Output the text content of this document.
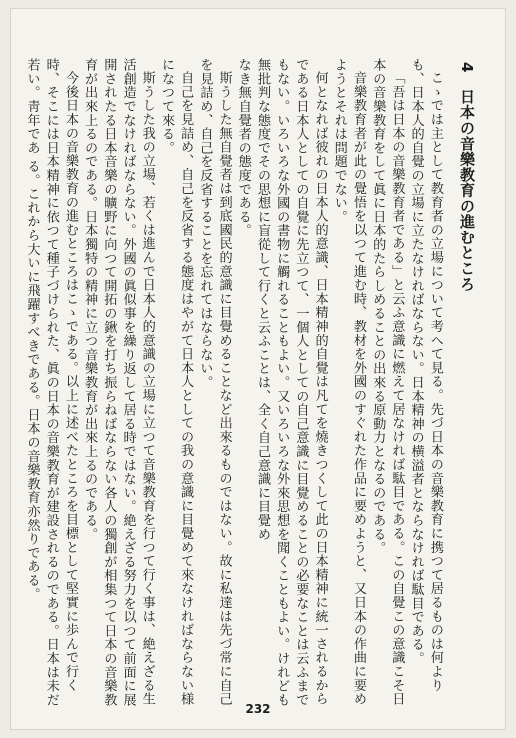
4 日本の音樂教育の進むところ

こゝでは主として教育者の立場について考へて見る。先づ日本の音樂教育に携つて居るものは何よりも、日本人的自覺の立場に立たなければならない。日本精神の横溢者とならなければ駄目である。

「吾は日本の音樂教育者である」と云ふ意識に燃えて居なければ駄目である。この自覺この意識こそ日本の音樂教育をして眞に日本的たらしめることの出來る原動力となるのである。

音樂教育者が此の覺悟を以つて進む時、教材を外國のすぐれた作品に要めようと、又日本の作曲に要めようとそれは問題でない。

何となれば彼れの日本人的意識、日本精神的自覺は凡てを燒きつくして此の日本精神に統一されるからである日本人としての自覺に先立つて、一個人としての自己意識に目覺めることの必要なことは云ふまでもない。いろいろな外國の書物に觸れることもよい。又いろいろな外來思想を聞くこともよい。けれども無批判な態度でその思想に盲從して行くと云ふことは、全く自己意識に目覺め

なき無自覺者の態度である。

斯うした無自覺者は到底國民的意識に目覺めることなど出來るものではない。故に私達は先づ常に自己を見詰め、自己を反省することを忘れてはならない。

自己を見詰め、自己を反省する態度はやがて日本人としての我の意識に目覺めて來なければならない様になつて來る。

斯うした我の立場、若くは進んで日本人的意識の立場に立つて音樂教育を行つて行く事は、絶えざる生活創造でなければならない。外國の眞似事を繰り返して居る時ではない。絶えざる努力を以つて前面に展開されたる日本音樂の曠野に向つて開拓の鍬を打ち振らねばならない各人の獨創が相集つて日本の音樂教育が出來上るのである。日本獨特の精神に立つ音樂教育が出來上るのである。

今後日本の音樂教育の進むところはこゝである。以上に述べたところを目標として堅實に歩んで行く時、そこには日本精神に依つて種子づけられた、眞の日本の音樂教育が建設されるのである。日本は未だ若い。靑年であ る。これから大いに飛躍すべきである。日本の音樂教育亦然りである。

232
